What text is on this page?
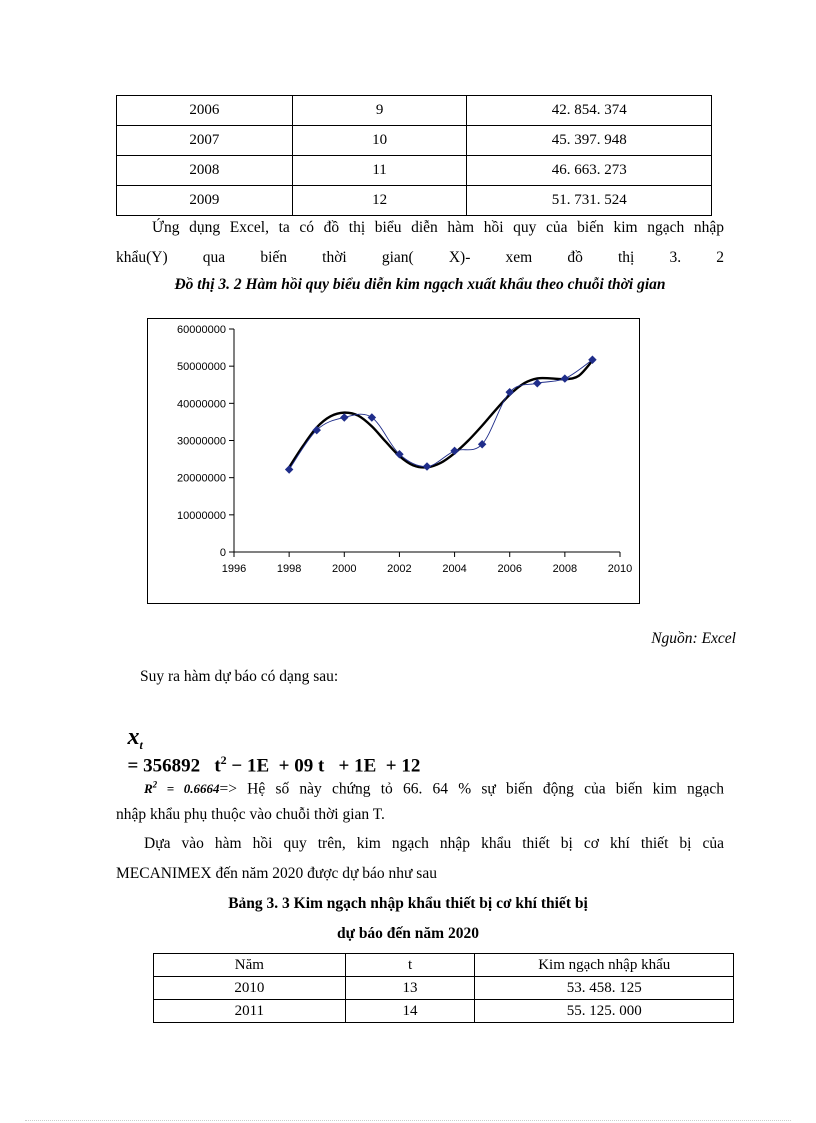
2006	9	42. 854. 374
2007	10	45. 397. 948
2008	11	46. 663. 273
2009	12	51. 731. 524
Ứng dụng Excel, ta có đồ thị biểu diễn hàm hồi quy của biến kim ngạch nhập
khẩu(Y) qua biến thời gian( X)- xem đồ thị 3. 2
Đồ thị 3. 2 Hàm hồi quy biểu diễn kim ngạch xuất khẩu theo chuỗi thời gian
0
10000000
20000000
30000000
40000000
50000000
60000000
1996	1998	2000	2002	2004	2006	2008	2010
Nguồn: Excel
Suy ra hàm dự báo có dạng sau:

$x_t$
= 356892   $t^2 - 1E + 09$ t   + 1E  + 12

$R^2 = 0.6664=>$ Hệ số này chứng tỏ 66. 64 % sự biến động của biến kim ngạch
nhập khẩu phụ thuộc vào chuỗi thời gian T.
Dựa vào hàm hồi quy trên, kim ngạch nhập khẩu thiết bị cơ khí thiết bị của
MECANIMEX đến năm 2020 được dự báo như sau
Bảng 3. 3 Kim ngạch nhập khẩu thiết bị cơ khí thiết bị
dự báo đến năm 2020
Năm	t	Kim ngạch nhập khẩu
2010	13	53. 458. 125
2011	14	55. 125. 000
